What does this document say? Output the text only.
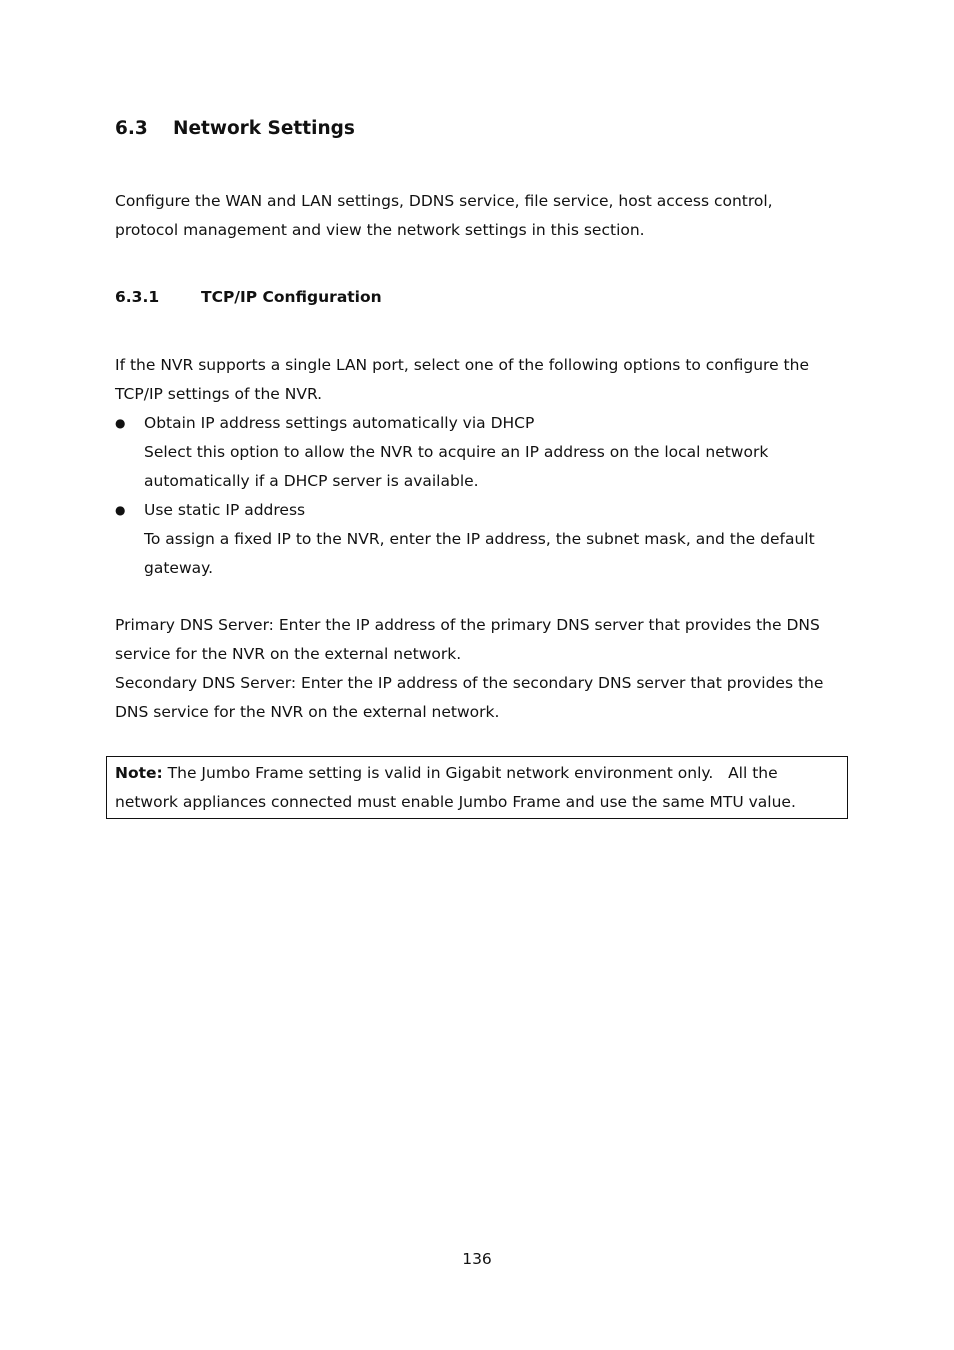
6.3 Network Settings

Configure the WAN and LAN settings, DDNS service, file service, host access control,

protocol management and view the network settings in this section.

6.3.1	TCP/IP Configuration

If the NVR supports a single LAN port, select one of the following options to configure the

TCP/IP settings of the NVR.

● Obtain IP address settings automatically via DHCP
Select this option to allow the NVR to acquire an IP address on the local network
automatically if a DHCP server is available.
● Use static IP address
To assign a fixed IP to the NVR, enter the IP address, the subnet mask, and the default
gateway.

Primary DNS Server: Enter the IP address of the primary DNS server that provides the DNS

service for the NVR on the external network.

Secondary DNS Server: Enter the IP address of the secondary DNS server that provides the

DNS service for the NVR on the external network.

Note: The Jumbo Frame setting is valid in Gigabit network environment only.   All the
network appliances connected must enable Jumbo Frame and use the same MTU value.
136
